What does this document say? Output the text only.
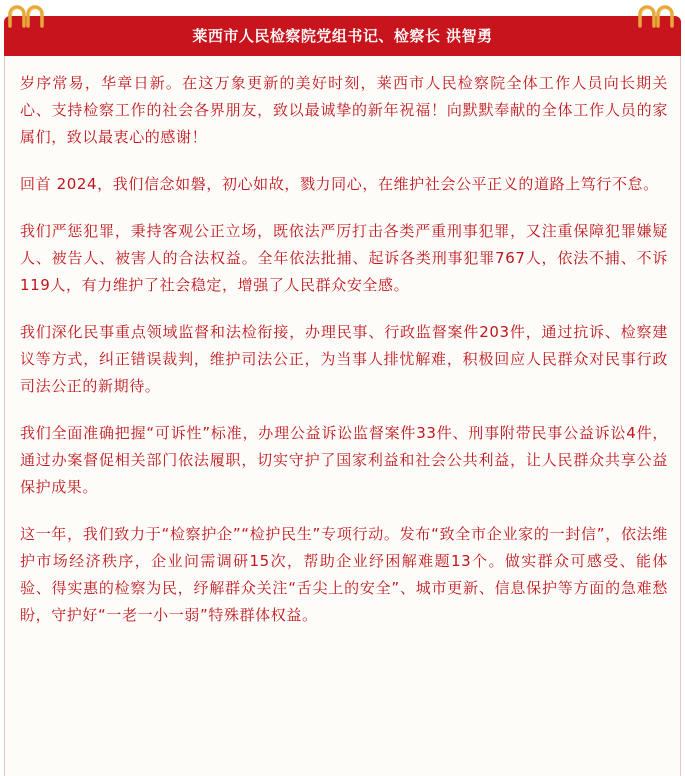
莱西市人民检察院党组书记、检察长 洪智勇

岁序常易，华章日新。在这万象更新的美好时刻，莱西市人民检察院全体工作人员向长期关心、支持检察工作的社会各界朋友，致以最诚挚的新年祝福！向默默奉献的全体工作人员的家属们，致以最衷心的感谢！

回首 2024，我们信念如磐，初心如故，戮力同心，在维护社会公平正义的道路上笃行不怠。

我们严惩犯罪，秉持客观公正立场，既依法严厉打击各类严重刑事犯罪，又注重保障犯罪嫌疑人、被告人、被害人的合法权益。全年依法批捕、起诉各类刑事犯罪767人，依法不捕、不诉119人，有力维护了社会稳定，增强了人民群众安全感。

我们深化民事重点领域监督和法检衔接，办理民事、行政监督案件203件，通过抗诉、检察建议等方式，纠正错误裁判，维护司法公正，为当事人排忧解难，积极回应人民群众对民事行政司法公正的新期待。

我们全面准确把握“可诉性”标准，办理公益诉讼监督案件33件、刑事附带民事公益诉讼4件，通过办案督促相关部门依法履职，切实守护了国家利益和社会公共利益，让人民群众共享公益保护成果。

这一年，我们致力于“检察护企”“检护民生”专项行动。发布“致全市企业家的一封信”，依法维护市场经济秩序，企业问需调研15次，帮助企业纾困解难题13个。做实群众可感受、能体验、得实惠的检察为民，纾解群众关注“舌尖上的安全”、城市更新、信息保护等方面的急难愁盼，守护好“一老一小一弱”特殊群体权益。
